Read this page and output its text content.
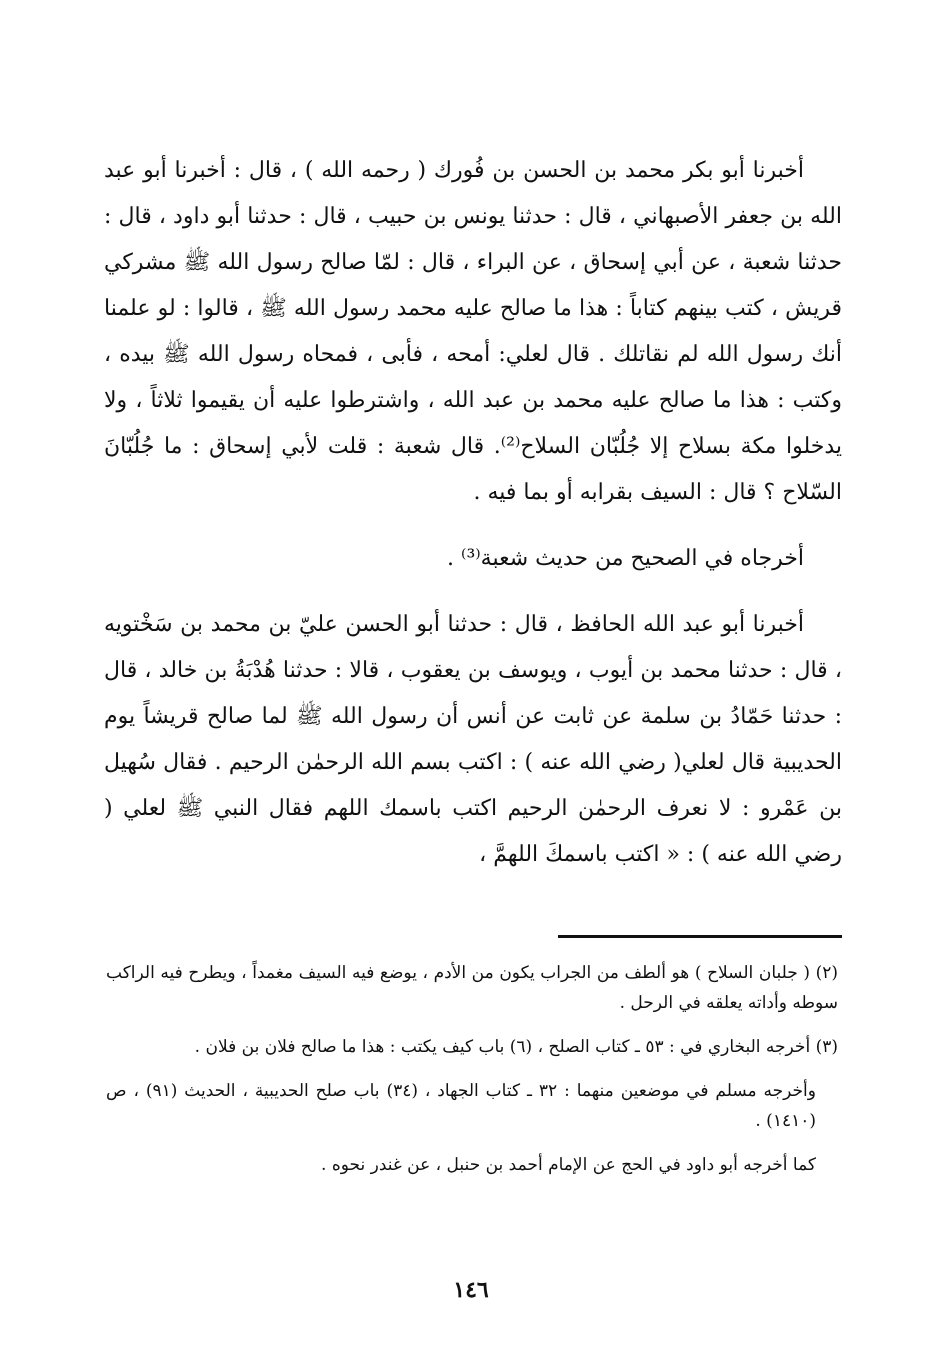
أخبرنا أبو بكر محمد بن الحسن بن فُورك ( رحمه الله ) ، قال : أخبرنا أبو عبد الله بن جعفر الأصبهاني ، قال : حدثنا يونس بن حبيب ، قال : حدثنا أبو داود ، قال : حدثنا شعبة ، عن أبي إسحاق ، عن البراء ، قال : لمّا صالح رسول الله ﷺ مشركي قريش ، كتب بينهم كتاباً : هذا ما صالح عليه محمد رسول الله ﷺ ، قالوا : لو علمنا أنك رسول الله لم نقاتلك . قال لعلي: أمحه ، فأبى ، فمحاه رسول الله ﷺ بيده ، وكتب : هذا ما صالح عليه محمد بن عبد الله ، واشترطوا عليه أن يقيموا ثلاثاً ، ولا يدخلوا مكة بسلاح إلا جُلُبّان السلاح⁽²⁾. قال شعبة : قلت لأبي إسحاق : ما جُلُبّانَ السّلاح ؟ قال : السيف بقرابه أو بما فيه .

أخرجاه في الصحيح من حديث شعبة⁽³⁾ .

أخبرنا أبو عبد الله الحافظ ، قال : حدثنا أبو الحسن عليّ بن محمد بن سَخْتويه ، قال : حدثنا محمد بن أيوب ، ويوسف بن يعقوب ، قالا : حدثنا هُدْبَةُ بن خالد ، قال : حدثنا حَمّادُ بن سلمة عن ثابت عن أنس أن رسول الله ﷺ لما صالح قريشاً يوم الحديبية قال لعلي( رضي الله عنه ) : اكتب بسم الله الرحمٰن الرحيم . فقال سُهيل بن عَمْرو : لا نعرف الرحمٰن الرحيم اكتب باسمك اللهم فقال النبي ﷺ لعلي ( رضي الله عنه ) : « اكتب باسمكَ اللهمَّ ،

(٢) ( جلبان السلاح ) هو ألطف من الجراب يكون من الأدم ، يوضع فيه السيف مغمداً ، ويطرح فيه الراكب سوطه وأداته يعلقه في الرحل .

(٣) أخرجه البخاري في : ٥٣ ـ كتاب الصلح ، (٦) باب كيف يكتب : هذا ما صالح فلان بن فلان .

وأخرجه مسلم في موضعين منهما : ٣٢ ـ كتاب الجهاد ، (٣٤) باب صلح الحديبية ، الحديث (٩١) ، ص (١٤١٠) .

كما أخرجه أبو داود في الحج عن الإمام أحمد بن حنبل ، عن غندر نحوه .

١٤٦
